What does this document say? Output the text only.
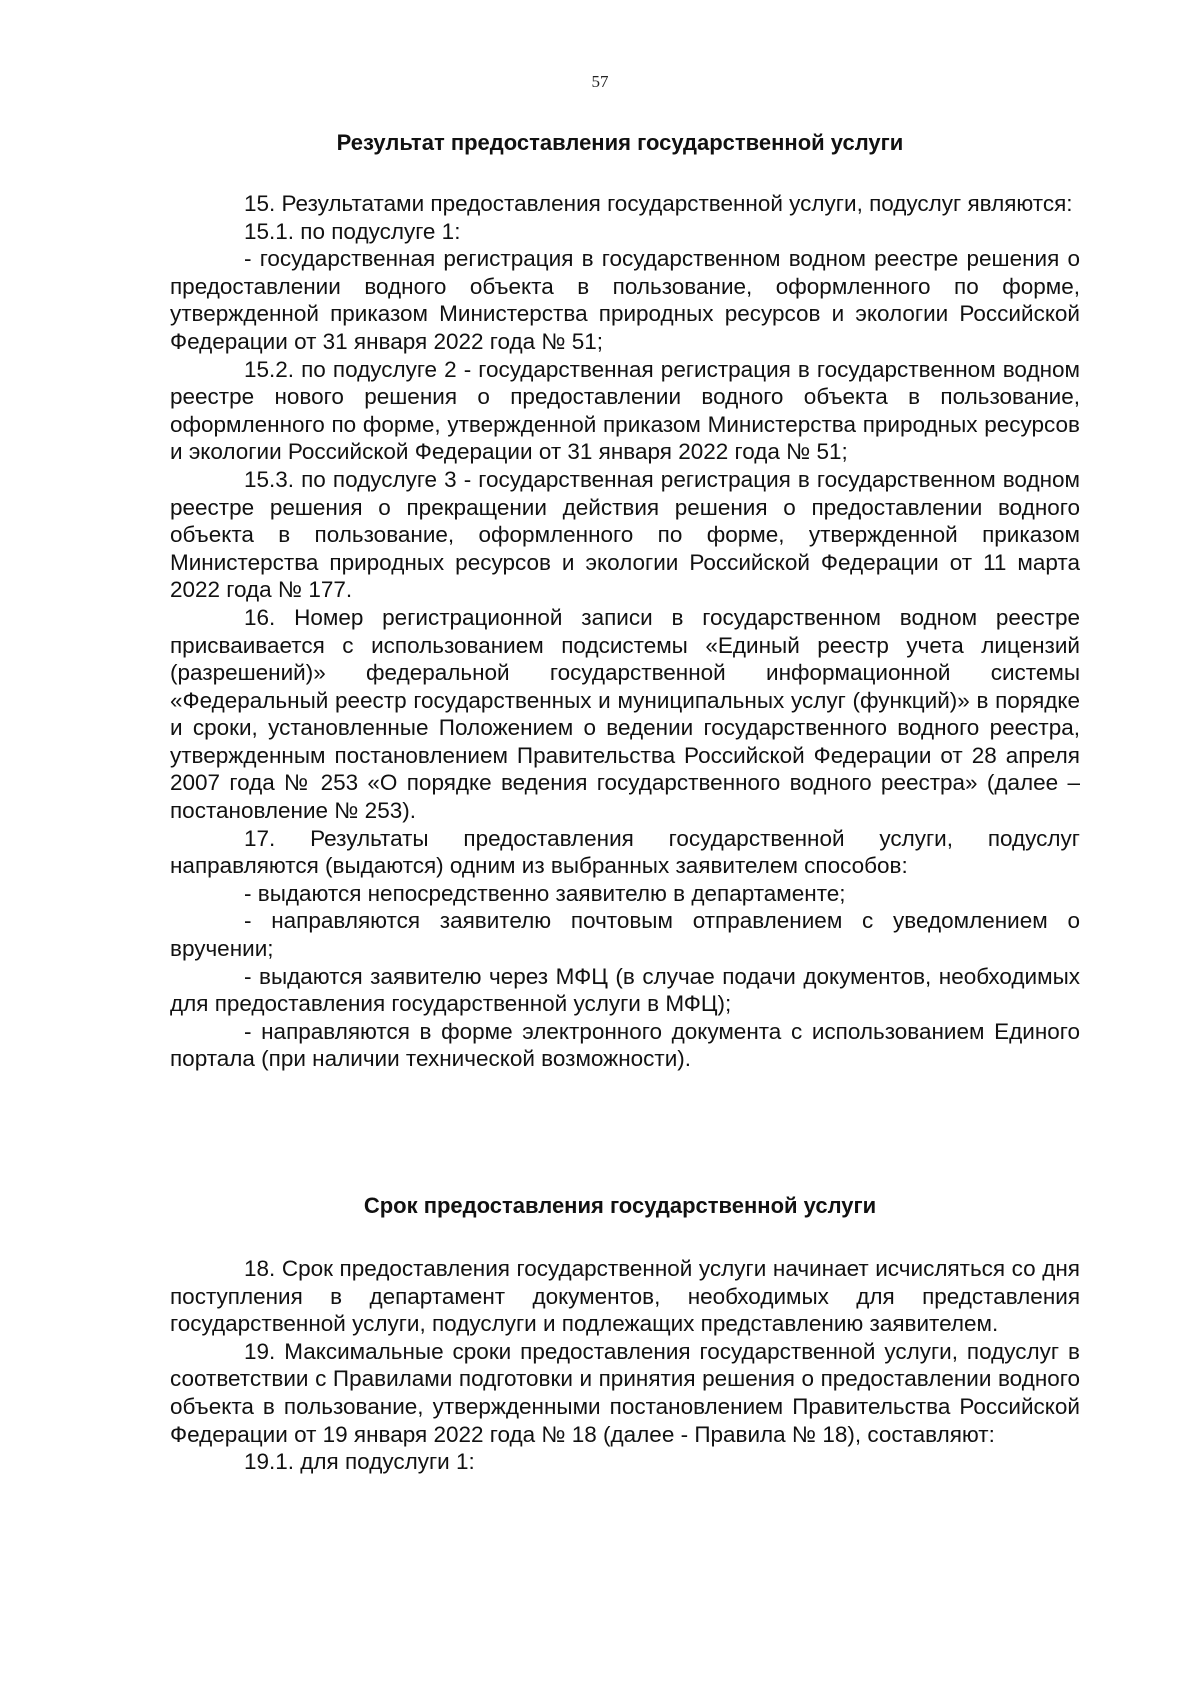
57
Результат предоставления государственной услуги

15. Результатами предоставления государственной услуги, подуслуг являются:

15.1. по подуслуге 1:

- государственная регистрация в государственном водном реестре решения о предоставлении водного объекта в пользование, оформленного по форме, утвержденной приказом Министерства природных ресурсов и экологии Российской Федерации от 31 января 2022 года № 51;

15.2. по подуслуге 2 - государственная регистрация в государственном водном реестре нового решения о предоставлении водного объекта в пользование, оформленного по форме, утвержденной приказом Министерства природных ресурсов и экологии Российской Федерации от 31 января 2022 года № 51;

15.3. по подуслуге 3 - государственная регистрация в государственном водном реестре решения о прекращении действия решения о предоставлении водного объекта в пользование, оформленного по форме, утвержденной приказом Министерства природных ресурсов и экологии Российской Федерации от 11 марта 2022 года № 177.

16. Номер регистрационной записи в государственном водном реестре присваивается с использованием подсистемы «Единый реестр учета лицензий (разрешений)» федеральной государственной информационной системы «Федеральный реестр государственных и муниципальных услуг (функций)» в порядке и сроки, установленные Положением о ведении государственного водного реестра, утвержденным постановлением Правительства Российской Федерации от 28 апреля 2007 года № 253 «О порядке ведения государственного водного реестра» (далее – постановление № 253).

17. Результаты предоставления государственной услуги, подуслуг направляются (выдаются) одним из выбранных заявителем способов:

- выдаются непосредственно заявителю в департаменте;

- направляются заявителю почтовым отправлением с уведомлением о вручении;

- выдаются заявителю через МФЦ (в случае подачи документов, необходимых для предоставления государственной услуги в МФЦ);

- направляются в форме электронного документа с использованием Единого портала (при наличии технической возможности).

Срок предоставления государственной услуги

18. Срок предоставления государственной услуги начинает исчисляться со дня поступления в департамент документов, необходимых для представления государственной услуги, подуслуги и подлежащих представлению заявителем.

19. Максимальные сроки предоставления государственной услуги, подуслуг в соответствии с Правилами подготовки и принятия решения о предоставлении водного объекта в пользование, утвержденными постановлением Правительства Российской Федерации от 19 января 2022 года № 18 (далее - Правила № 18), составляют:

19.1. для подуслуги 1:
